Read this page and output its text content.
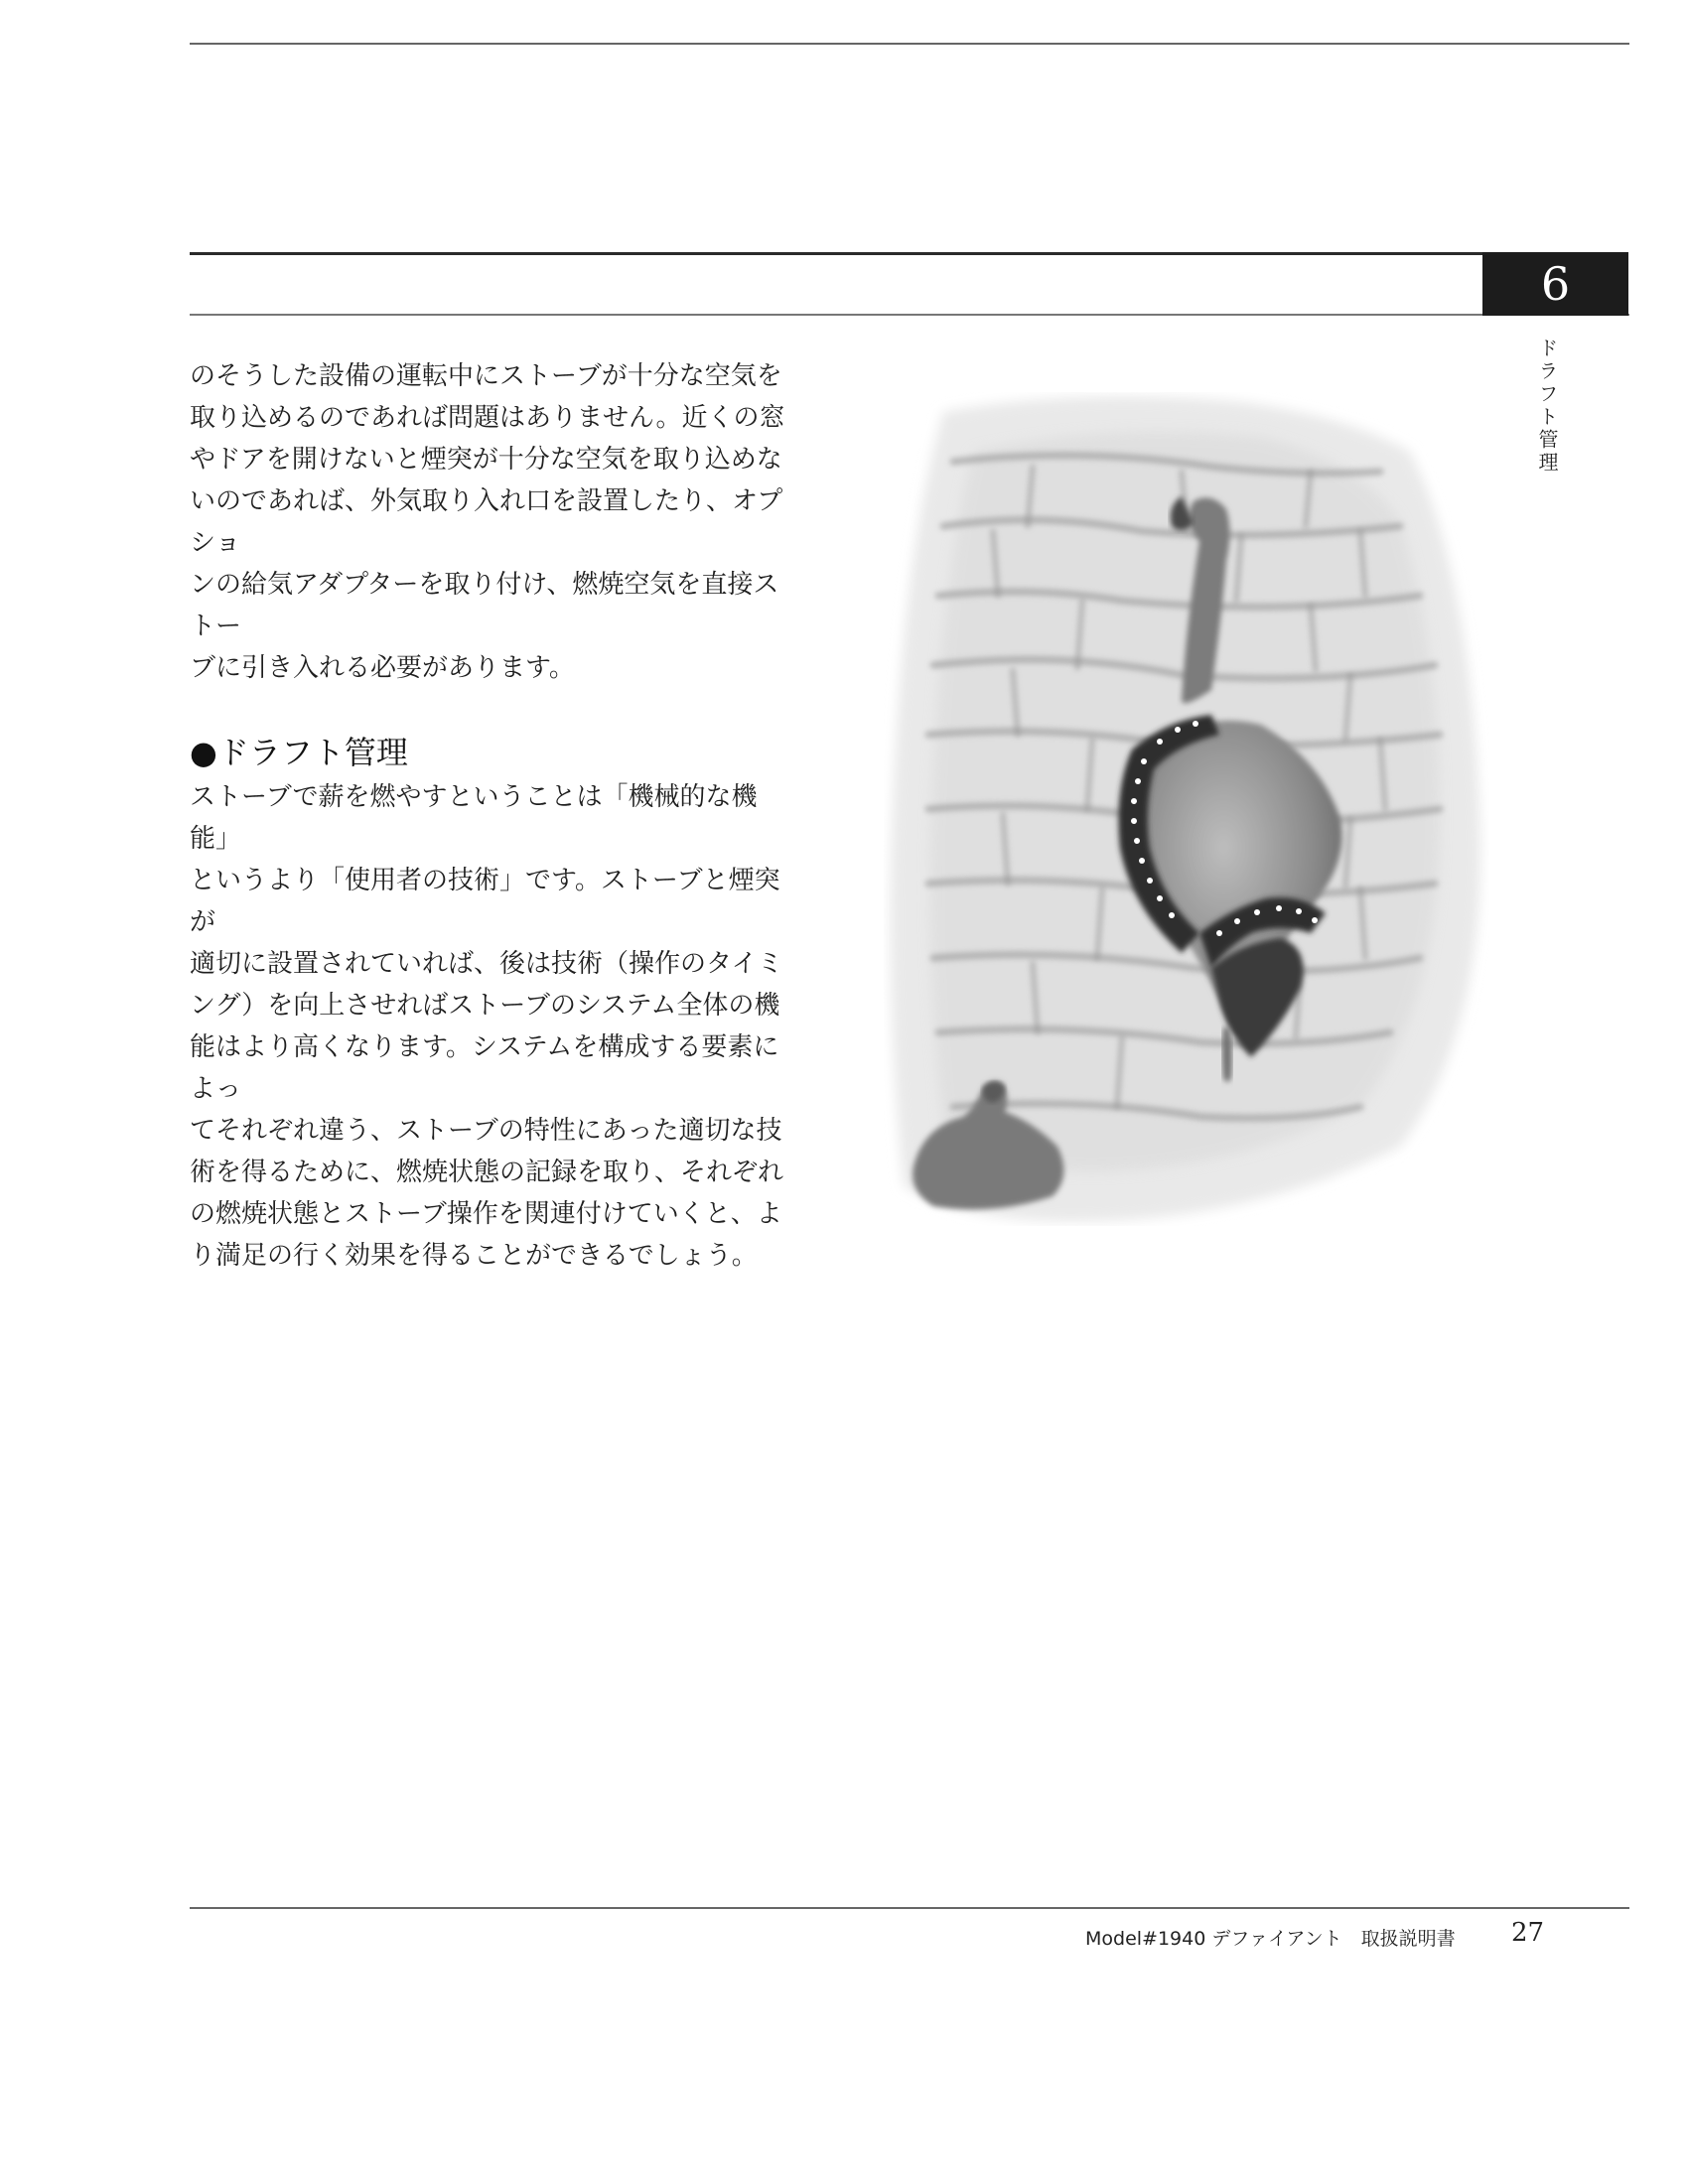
6
ドラフト管理

のそうした設備の運転中にストーブが十分な空気を
取り込めるのであれば問題はありません。近くの窓
やドアを開けないと煙突が十分な空気を取り込めな
いのであれば、外気取り入れ口を設置したり、オプショ
ンの給気アダプターを取り付け、燃焼空気を直接ストー
ブに引き入れる必要があります。

●ドラフト管理

ストーブで薪を燃やすということは「機械的な機能」
というより「使用者の技術」です。ストーブと煙突が
適切に設置されていれば、後は技術（操作のタイミ
ング）を向上させればストーブのシステム全体の機
能はより高くなります。システムを構成する要素によっ
てそれぞれ違う、ストーブの特性にあった適切な技
術を得るために、燃焼状態の記録を取り、それぞれ
の燃焼状態とストーブ操作を関連付けていくと、よ
り満足の行く効果を得ることができるでしょう。

Model#1940 デファイアント　取扱説明書 27
